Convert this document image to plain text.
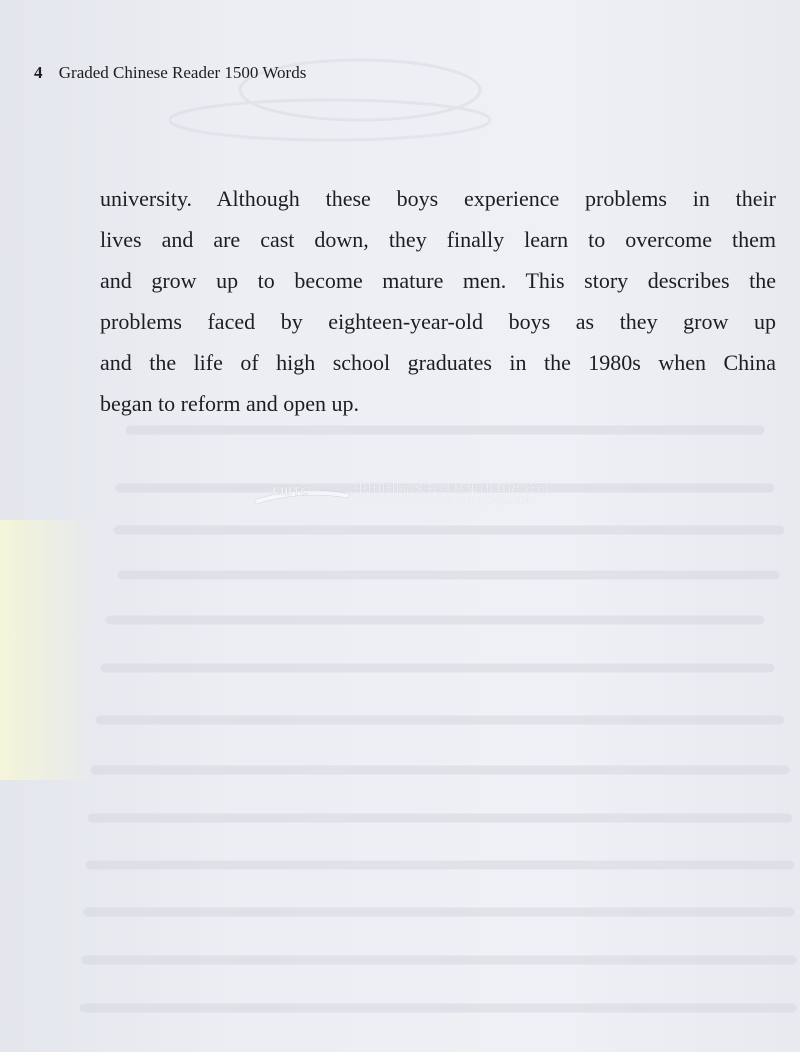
4 Graded Chinese Reader 1500 Words
university. Although these boys experience problems in their
lives and are cast down, they finally learn to overcome them
and grow up to become mature men. This story describes the
problems faced by eighteen-year-old boys as they grow up
and the life of high school graduates in the 1980s when China
began to reform and open up.
CIBTC	中国国际图书贸易集团有限公司
China International Book Trading Corporation
